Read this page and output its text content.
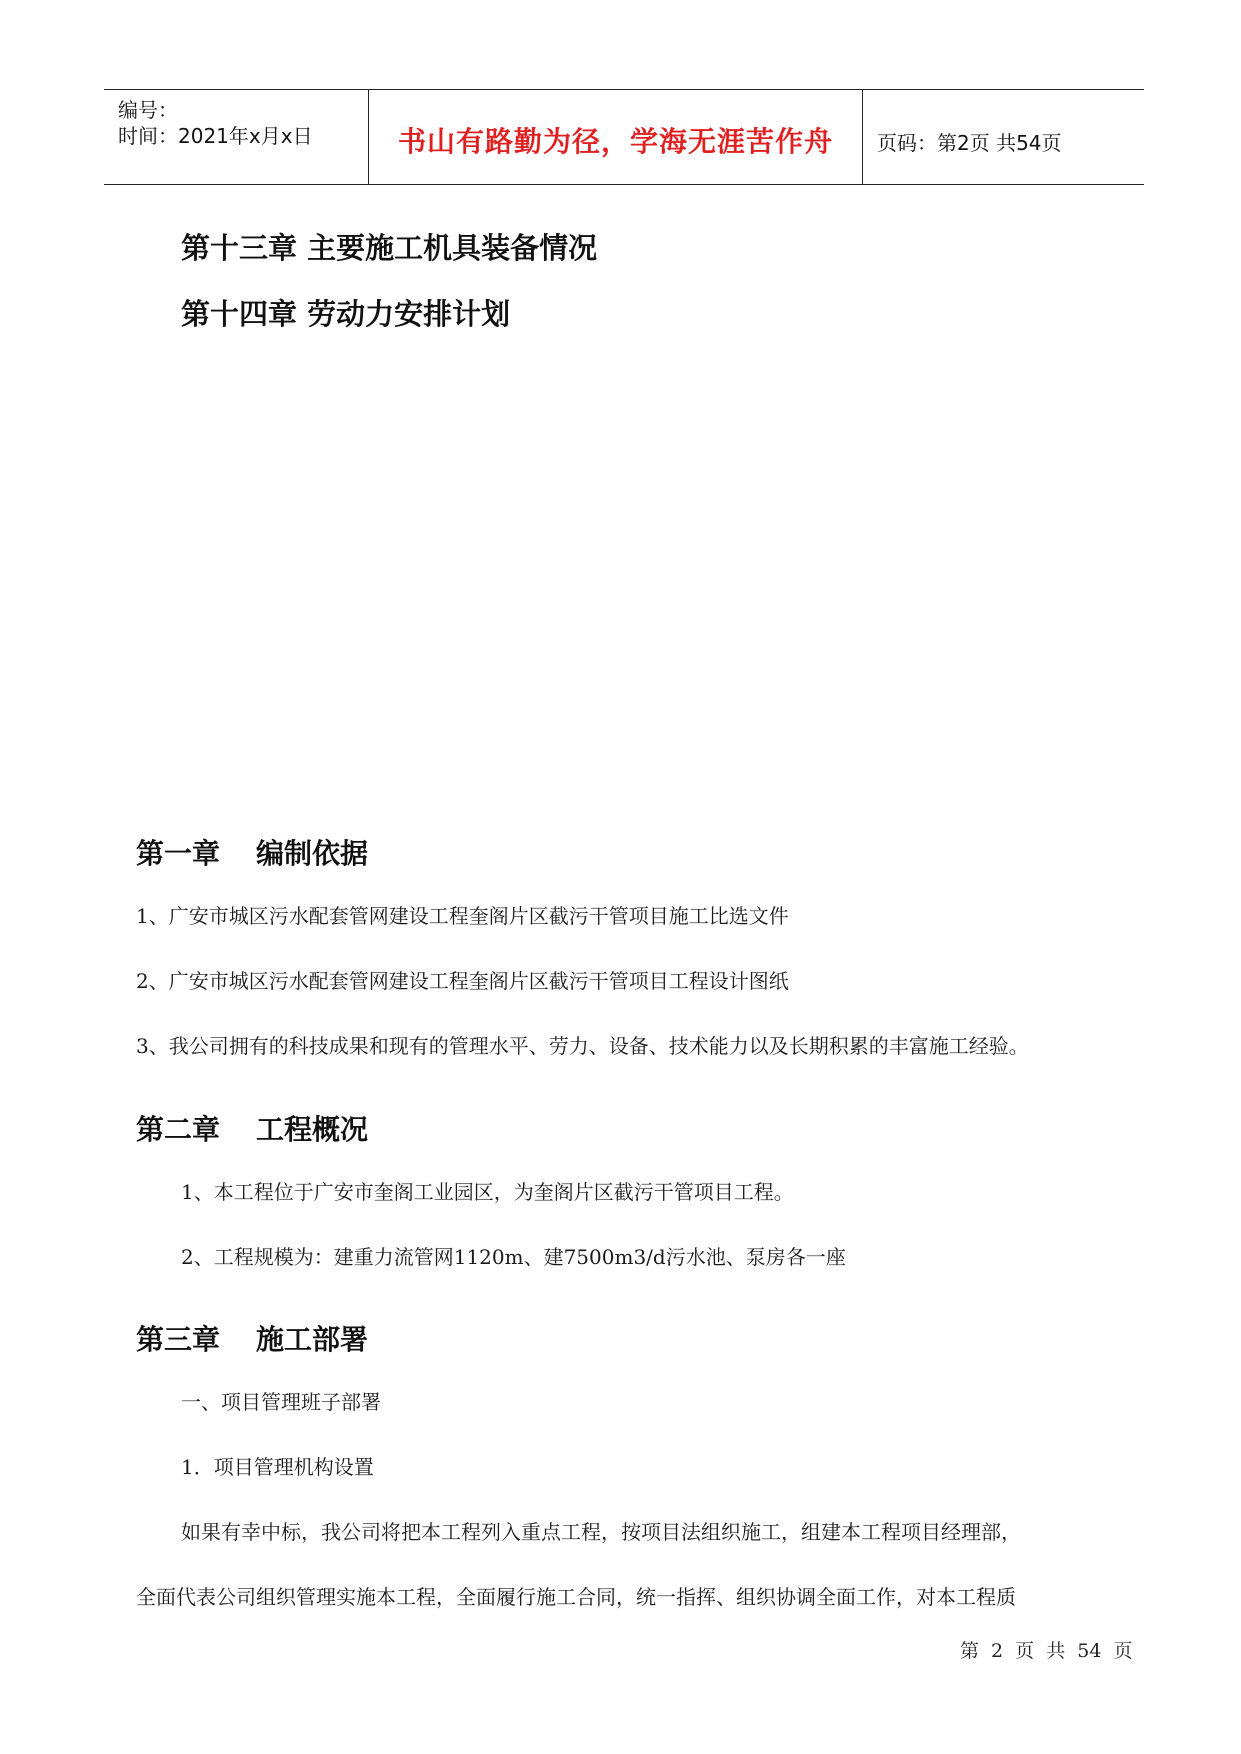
编号：
时间：2021年x月x日	书山有路勤为径，学海无涯苦作舟	页码：第2页 共54页
第十三章 主要施工机具装备情况
第十四章 劳动力安排计划
第一章 编制依据
1、广安市城区污水配套管网建设工程奎阁片区截污干管项目施工比选文件
2、广安市城区污水配套管网建设工程奎阁片区截污干管项目工程设计图纸
3、我公司拥有的科技成果和现有的管理水平、劳力、设备、技术能力以及长期积累的丰富施工经验。
第二章 工程概况
1、本工程位于广安市奎阁工业园区，为奎阁片区截污干管项目工程。
2、工程规模为：建重力流管网1120m、建7500m3/d污水池、泵房各一座
第三章 施工部署
一、项目管理班子部署
1．项目管理机构设置
如果有幸中标，我公司将把本工程列入重点工程，按项目法组织施工，组建本工程项目经理部，
全面代表公司组织管理实施本工程，全面履行施工合同，统一指挥、组织协调全面工作，对本工程质
第 2 页 共 54 页
